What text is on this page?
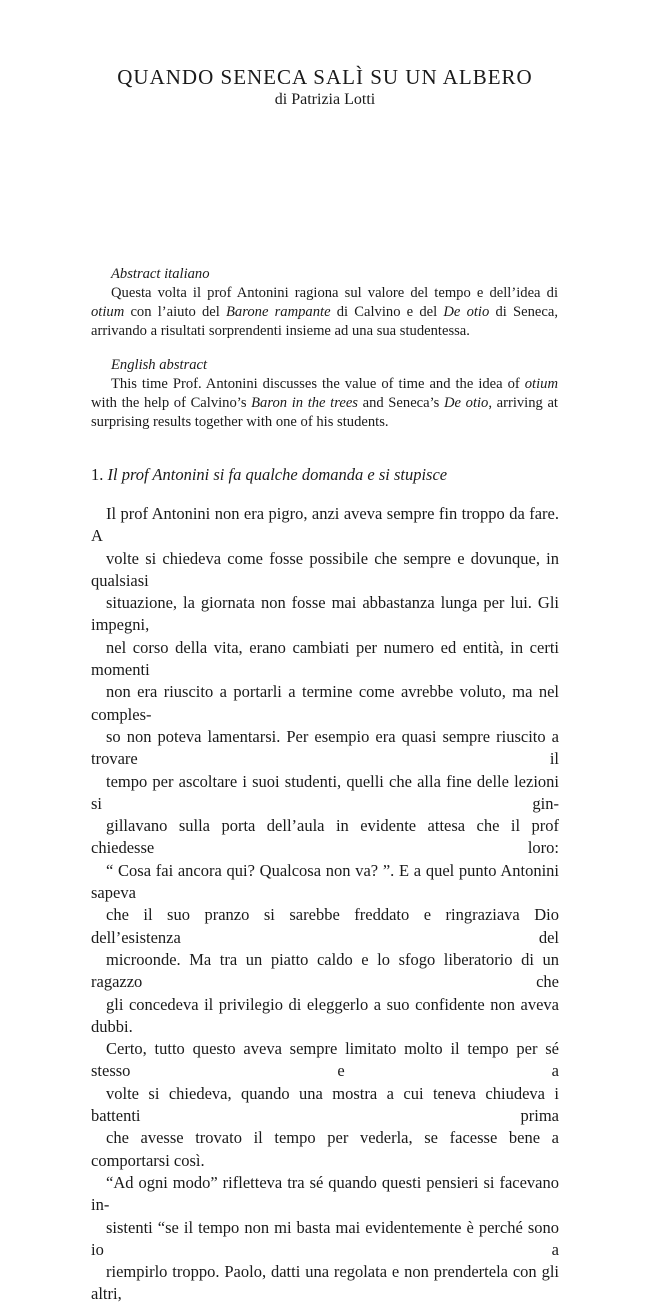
QUANDO SENECA SALÌ SU UN ALBERO
di Patrizia Lotti
Abstract italiano

Questa volta il prof Antonini ragiona sul valore del tempo e dell’idea di otium con l’aiuto del Barone rampante di Calvino e del De otio di Seneca, arrivando a risultati sorprendenti insieme ad una sua studentessa.

English abstract

This time Prof. Antonini discusses the value of time and the idea of otium with the help of Calvino’s Baron in the trees and Seneca’s De otio, arriving at surprising results together with one of his students.

1. Il prof Antonini si fa qualche domanda e si stupisce

Il prof Antonini non era pigro, anzi aveva sempre fin troppo da fare. A
volte si chiedeva come fosse possibile che sempre e dovunque, in qualsiasi
situazione, la giornata non fosse mai abbastanza lunga per lui. Gli impegni,
nel corso della vita, erano cambiati per numero ed entità, in certi momenti
non era riuscito a portarli a termine come avrebbe voluto, ma nel comples-
so non poteva lamentarsi. Per esempio era quasi sempre riuscito a trovare il
tempo per ascoltare i suoi studenti, quelli che alla fine delle lezioni si gin-
gillavano sulla porta dell’aula in evidente attesa che il prof chiedesse loro:
“ Cosa fai ancora qui? Qualcosa non va? ”. E a quel punto Antonini sapeva
che il suo pranzo si sarebbe freddato e ringraziava Dio dell’esistenza del
microonde. Ma tra un piatto caldo e lo sfogo liberatorio di un ragazzo che
gli concedeva il privilegio di eleggerlo a suo confidente non aveva dubbi.
Certo, tutto questo aveva sempre limitato molto il tempo per sé stesso e a
volte si chiedeva, quando una mostra a cui teneva chiudeva i battenti prima
che avesse trovato il tempo per vederla, se facesse bene a comportarsi così.

“Ad ogni modo” rifletteva tra sé quando questi pensieri si facevano in-
sistenti “se il tempo non mi basta mai evidentemente è perché sono io a
riempirlo troppo. Paolo, datti una regolata e non prendertela con gli altri,
